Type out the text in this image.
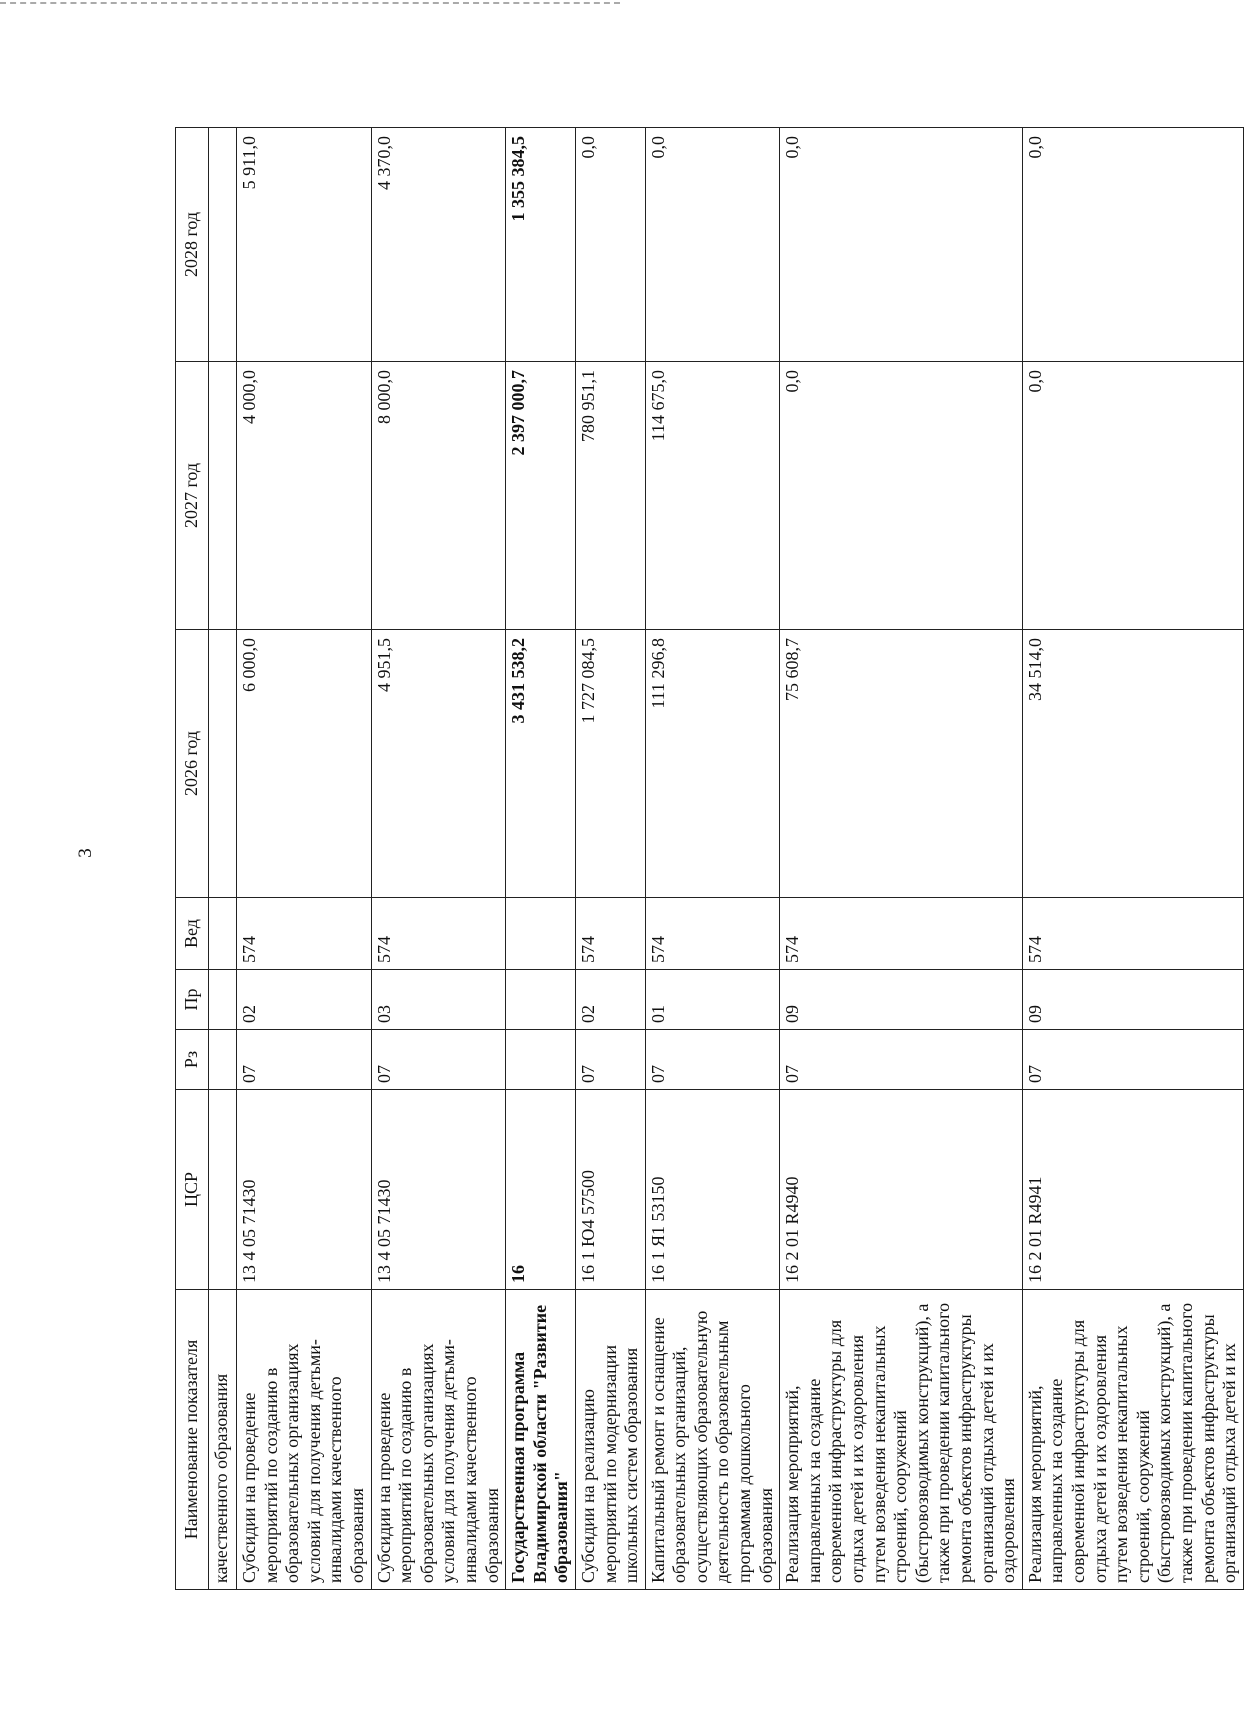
3
Наименование показателя	ЦСР	Рз	Пр	Вед	2026 год	2027 год	2028 год
качественного образования							
Субсидии на проведение мероприятий по созданию в образовательных организациях условий для получения детьми-инвалидами качественного образования	13 4 05 71430	07	02	574	6 000,0	4 000,0	5 911,0
Субсидии на проведение мероприятий по созданию в образовательных организациях условий для получения детьми-инвалидами качественного образования	13 4 05 71430	07	03	574	4 951,5	8 000,0	4 370,0
Государственная программа Владимирской области "Развитие образования"	16				3 431 538,2	2 397 000,7	1 355 384,5
Субсидии на реализацию мероприятий по модернизации школьных систем образования	16 1 Ю4 57500	07	02	574	1 727 084,5	780 951,1	0,0
Капитальный ремонт и оснащение образовательных организаций, осуществляющих образовательную деятельность по образовательным программам дошкольного образования	16 1 Я1 53150	07	01	574	111 296,8	114 675,0	0,0
Реализация мероприятий, направленных на создание современной инфраструктуры для отдыха детей и их оздоровления путем возведения некапитальных строений, сооружений (быстровозводимых конструкций), а также при проведении капитального ремонта объектов инфраструктуры организаций отдыха детей и их оздоровления	16 2 01 R4940	07	09	574	75 608,7	0,0	0,0
Реализация мероприятий, направленных на создание современной инфраструктуры для отдыха детей и их оздоровления путем возведения некапитальных строений, сооружений (быстровозводимых конструкций), а также при проведении капитального ремонта объектов инфраструктуры организаций отдыха детей и их	16 2 01 R4941	07	09	574	34 514,0	0,0	0,0
